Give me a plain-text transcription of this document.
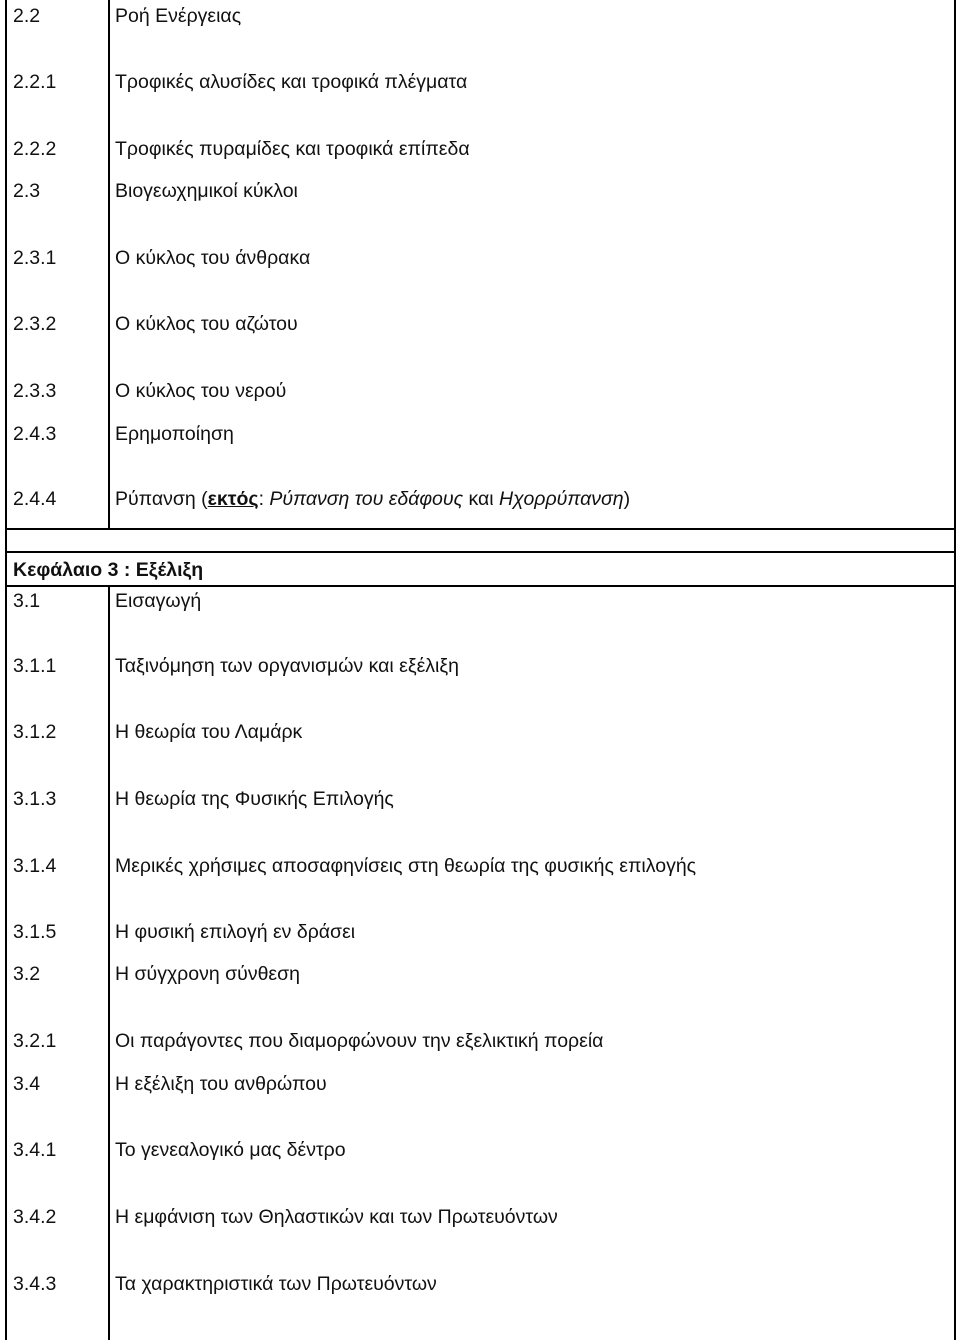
2.2	Ροή Ενέργειας
2.2.1	Τροφικές αλυσίδες και τροφικά πλέγματα
2.2.2	Τροφικές πυραμίδες και τροφικά επίπεδα
2.3	Βιογεωχημικοί κύκλοι
2.3.1	Ο κύκλος του άνθρακα
2.3.2	Ο κύκλος του αζώτου
2.3.3	Ο κύκλος του νερού
2.4.3	Ερημοποίηση
2.4.4	Ρύπανση (εκτός: Ρύπανση του εδάφους και Ηχορρύπανση)
Κεφάλαιο 3 : Εξέλιξη
3.1	Εισαγωγή
3.1.1	Ταξινόμηση των οργανισμών και εξέλιξη
3.1.2	Η θεωρία του Λαμάρκ
3.1.3	Η θεωρία της Φυσικής Επιλογής
3.1.4	Μερικές χρήσιμες αποσαφηνίσεις στη θεωρία της φυσικής επιλογής
3.1.5	Η φυσική επιλογή εν δράσει
3.2	Η σύγχρονη σύνθεση
3.2.1	Οι παράγοντες που διαμορφώνουν την εξελικτική πορεία
3.4	Η εξέλιξη του ανθρώπου
3.4.1	Το γενεαλογικό μας δέντρο
3.4.2	Η εμφάνιση των Θηλαστικών και των Πρωτευόντων
3.4.3	Τα χαρακτηριστικά των Πρωτευόντων
